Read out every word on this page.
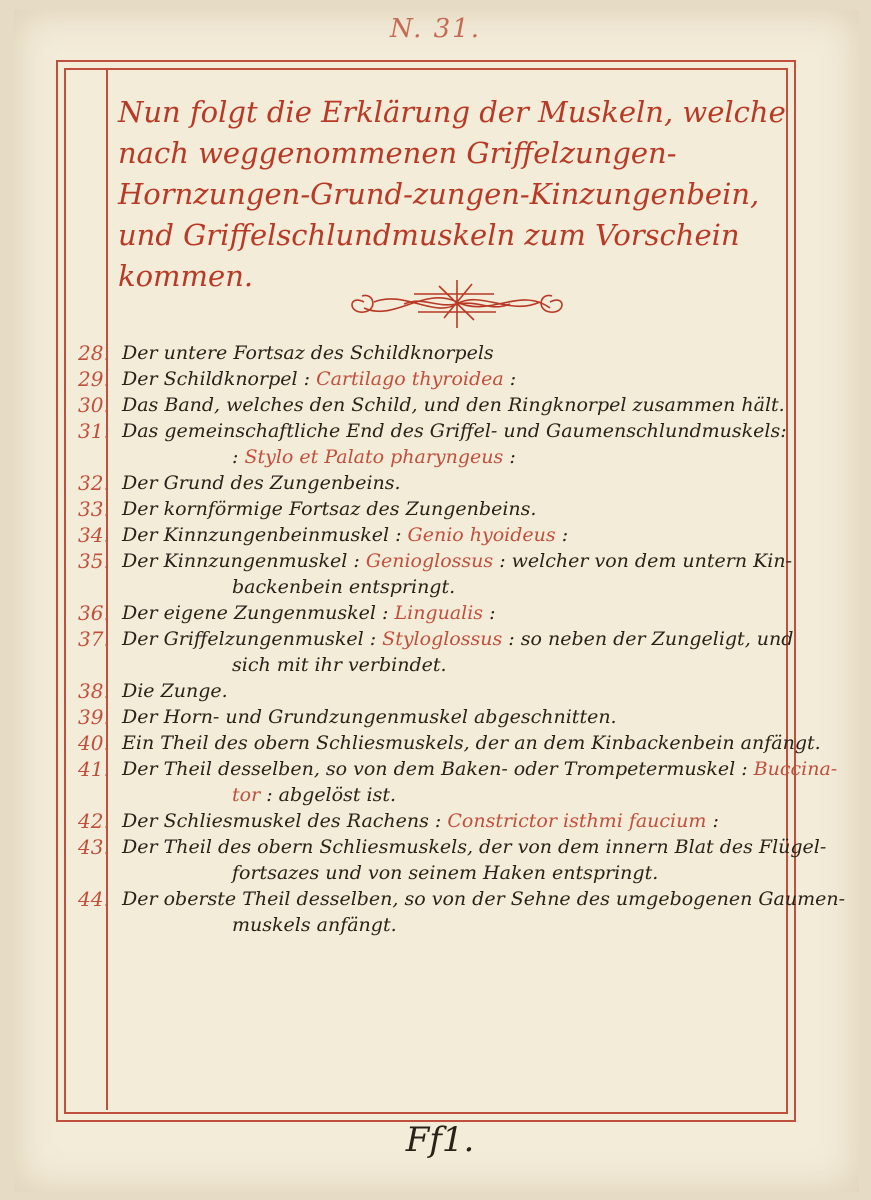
N. 31.

Nun folgt die Erklärung der Muskeln, welche nach weggenommenen Griffelzungen-Hornzungen-Grund-zungen-Kinzungenbein, und Griffelschlundmuskeln zum Vorschein kommen.

28. Der untere Fortsaz des Schildknorpels
29. Der Schildknorpel : Cartilago thyroidea :
30. Das Band, welches den Schild, und den Ringknorpel zusammen hält.
31. Das gemeinschaftliche End des Griffel- und Gaumenschlundmuskels:
: Stylo et Palato pharyngeus :
32. Der Grund des Zungenbeins.
33. Der kornförmige Fortsaz des Zungenbeins.
34. Der Kinnzungenbeinmuskel : Genio hyoideus :
35. Der Kinnzungenmuskel : Genioglossus : welcher von dem untern Kin-
backenbein entspringt.
36. Der eigene Zungenmuskel : Lingualis :
37. Der Griffelzungenmuskel : Styloglossus : so neben der Zungeligt, und
sich mit ihr verbindet.
38. Die Zunge.
39. Der Horn- und Grundzungenmuskel abgeschnitten.
40. Ein Theil des obern Schliesmuskels, der an dem Kinbackenbein anfängt.
41. Der Theil desselben, so von dem Baken- oder Trompetermuskel : Buccina-
tor : abgelöst ist.
42. Der Schliesmuskel des Rachens : Constrictor isthmi faucium :
43. Der Theil des obern Schliesmuskels, der von dem innern Blat des Flügel-
fortsazes und von seinem Haken entspringt.
44. Der oberste Theil desselben, so von der Sehne des umgebogenen Gaumen-
muskels anfängt.
Ff1.
